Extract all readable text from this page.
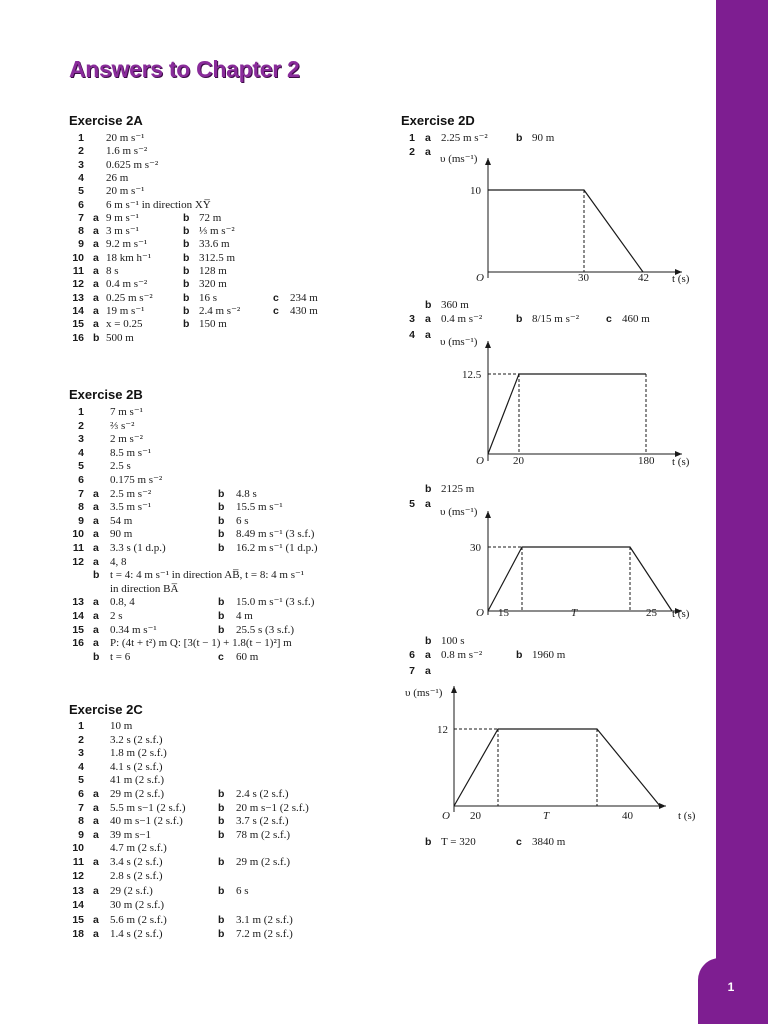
1
Answers to Chapter 2
Exercise 2A
1 20 m s⁻¹
2 1.6 m s⁻²
3 0.625 m s⁻²
4 26 m
5 20 m s⁻¹
6 6 m s⁻¹ in direction XY̅
7 a 9 m s⁻¹	b 72 m
8 a 3 m s⁻¹	b ⅓ m s⁻²
9 a 9.2 m s⁻¹	b 33.6 m
10 a 18 km h⁻¹	b 312.5 m
11 a 8 s	b 128 m
12 a 0.4 m s⁻²	b 320 m
13 a 0.25 m s⁻²	b 16 s	c 234 m
14 a 19 m s⁻¹	b 2.4 m s⁻²	c 430 m
15 a x = 0.25	b 150 m
16 b 500 m
Exercise 2B
1 7 m s⁻¹
2 ⅔ s⁻²
3 2 m s⁻²
4 8.5 m s⁻¹
5 2.5 s
6 0.175 m s⁻²
7 a 2.5 m s⁻²	b 4.8 s
8 a 3.5 m s⁻¹	b 15.5 m s⁻¹
9 a 54 m	b 6 s
10 a 90 m	b 8.49 m s⁻¹ (3 s.f.)
11 a 3.3 s (1 d.p.)	b 16.2 m s⁻¹ (1 d.p.)
12 a 4, 8
b t = 4: 4 m s⁻¹ in direction AB̅, t = 8: 4 m s⁻¹
in direction BA̅
13 a 0.8, 4	b 15.0 m s⁻¹ (3 s.f.)
14 a 2 s	b 4 m
15 a 0.34 m s⁻¹	b 25.5 s (3 s.f.)
16 a P: (4t + t²) m Q: [3(t − 1) + 1.8(t − 1)²] m
b t = 6	c 60 m
Exercise 2C
1 10 m
2 3.2 s (2 s.f.)
3 1.8 m (2 s.f.)
4 4.1 s (2 s.f.)
5 41 m (2 s.f.)
6 a 29 m (2 s.f.)	b 2.4 s (2 s.f.)
7 a 5.5 m s−1 (2 s.f.)	b 20 m s−1 (2 s.f.)
8 a 40 m s−1 (2 s.f.)	b 3.7 s (2 s.f.)
9 a 39 m s−1	b 78 m (2 s.f.)
10 4.7 m (2 s.f.)
11 a 3.4 s (2 s.f.)	b 29 m (2 s.f.)
12 2.8 s (2 s.f.)
13 a 29 (2 s.f.)	b 6 s
14 30 m (2 s.f.)
15 a 5.6 m (2 s.f.)	b 3.1 m (2 s.f.)
18 a 1.4 s (2 s.f.)	b 7.2 m (2 s.f.)
Exercise 2D
1 a 2.25 m s⁻²	b 90 m
2 a
b 360 m
3 a 0.4 m s⁻²	b 8/15 m s⁻²	c 460 m
4 a
b 2125 m
5 a
b 100 s
6 a 0.8 m s⁻²	b 1960 m
7 a
b T = 320	c 3840 m
υ (ms⁻¹)
10
O	30	42 t (s)
υ (ms⁻¹)
12.5
O	20	180 t (s)
υ (ms⁻¹)
30
O 15	T	25 t (s)
υ (ms⁻¹)
12
O 20	T	40	t (s)
